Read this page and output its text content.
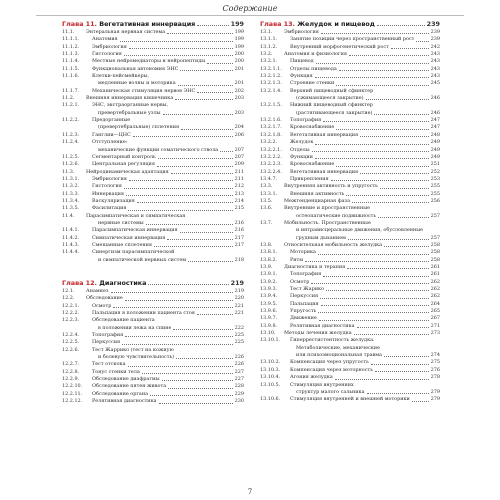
Содержание
Глава 11.
Вегетативная иннервация	199
11.1.	Энтеральная нервная система	199
11.1.1.	Анатомия	199
11.1.2.	Эмбриология	199
11.1.3.	Гистология	200
11.1.4.	Местные нейромедиаторы и нейропептиды	200
11.1.5.	Функциональная автономия ЭНС	201
11.1.6.	Клетки-пейсмейкеры,
медленные волны и моторика	201
11.1.7.	Механическая стимуляция нервов ЭНС	202
11.2.	Внешняя иннервация кишечника	203
11.2.1.	ЭНС, экстраорганные нервы,
превертебральные узлы	203
11.2.2.	Предорганные
(превертебральные) сплетения	204
11.2.3.	Ганглии—ЦНС	206
11.2.4.	Отступление:
механические функции соматического ствола	207
11.2.5.	Сегментарный контроль	207
11.2.6.	Центральная регуляция	209
11.3.	Нейродинамическая адаптация	211
11.3.1.	Эмбриология	211
11.3.2.	Гистология	212
11.3.3.	Иннервация	213
11.3.4.	Васкуляризация	214
11.3.5.	Фасилитация	215
11.4.	Парасимпатическая и симпатическая
нервные системы	216
11.4.1.	Парасимпатическая иннервация	216
11.4.2.	Симпатическая иннервация	217
11.4.3.	Смешанные сплетения	217
11.4.4.	Синергизм парасимпатической
и симпатической нервных систем	218
Глава 12.
Диагностика	219
12.1.	Анамнез	219
12.2.	Обследование	220
12.2.1.	Осмотр	221
12.2.2.	Пальпация в положении пациента стоя	221
12.2.3.	Обследование пациента
в положении лежа на спине	222
12.2.4.	Топография	225
12.2.5.	Перкуссия	225
12.2.6.	Тест Жаррико (тест на кожную
и болевую чувствительность)	226
12.2.7.	Тест отскока	226
12.2.8.	Тонус стенки тела	227
12.2.9.	Обследование диафрагмы	227
12.2.10.	Обследование пятен живота	228
12.2.11.	Обследование органа	229
12.2.12.	Релятивная диагностика	230
Глава 13.
Желудок и пищевод	239
13.1.	Эмбриология	239
13.1.1.	Занятие позиции через пространственный рост	239
13.1.2.	Внутренний морфогенетический рост	242
13.2.	Анатомия и физиология	243
13.2.1.	Пищевод	243
13.2.1.1.	Отделы пищевода	243
13.2.1.2.	Функция	243
13.2.1.3.	Строение стенки	245
13.2.1.4.	Верхний пищеводный сфинктер
(сжимающееся закрытие)	246
13.2.1.5.	Нижний пищеводный сфинктер
(растягивающееся закрытие)	246
13.2.1.6.	Топография	247
13.2.1.7.	Кровоснабжение	247
13.2.1.8.	Вегетативная иннервация	248
13.2.2.	Желудок	249
13.2.2.1.	Отделы	249
13.2.2.2.	Функции	249
13.2.2.3.	Кровоснабжение	251
13.2.2.4.	Вегетативная иннервация	252
13.4.7.	Прикрепления	253
13.3.	Внутренняя активность и упругость	255
13.3.1.	Внешняя активность	255
13.5.	Межтенденциарная фаза	256
13.6.	Внутренние и пространственные
остеопатические подвижность	257
13.7.	Мобильность. Пространственные
и интрависцеральные движения, обусловленные
грудным дыханием	257
13.8.	Относительная мобильность желудка	258
13.8.1.	Моторика	258
13.8.2.	Ритм	258
13.9.	Диагностика и терапия	261
13.9.1.	Топография	261
13.9.2.	Осмотр	262
13.9.3.	Тест Жарико	262
13.9.4.	Перкуссия	262
13.9.5.	Пальпация	264
13.9.6.	Упругость	265
13.9.7.	Движение	267
13.9.8.	Релятивная диагностика	271
13.10.	Методы лечения желудка	273
13.10.1.	Гиперрестистентность желудка.
Метаболические, механические
или психоэмоциональная травма	274
13.10.2.	Компенсация через упругость	275
13.10.3.	Компенсация через моторность	276
13.10.4.	Агония желудка	278
13.10.5.	Стимуляция внутренних
структур малого сальника	279
13.10.6.	Стимуляция внутренней и внешней моторики	279
7
